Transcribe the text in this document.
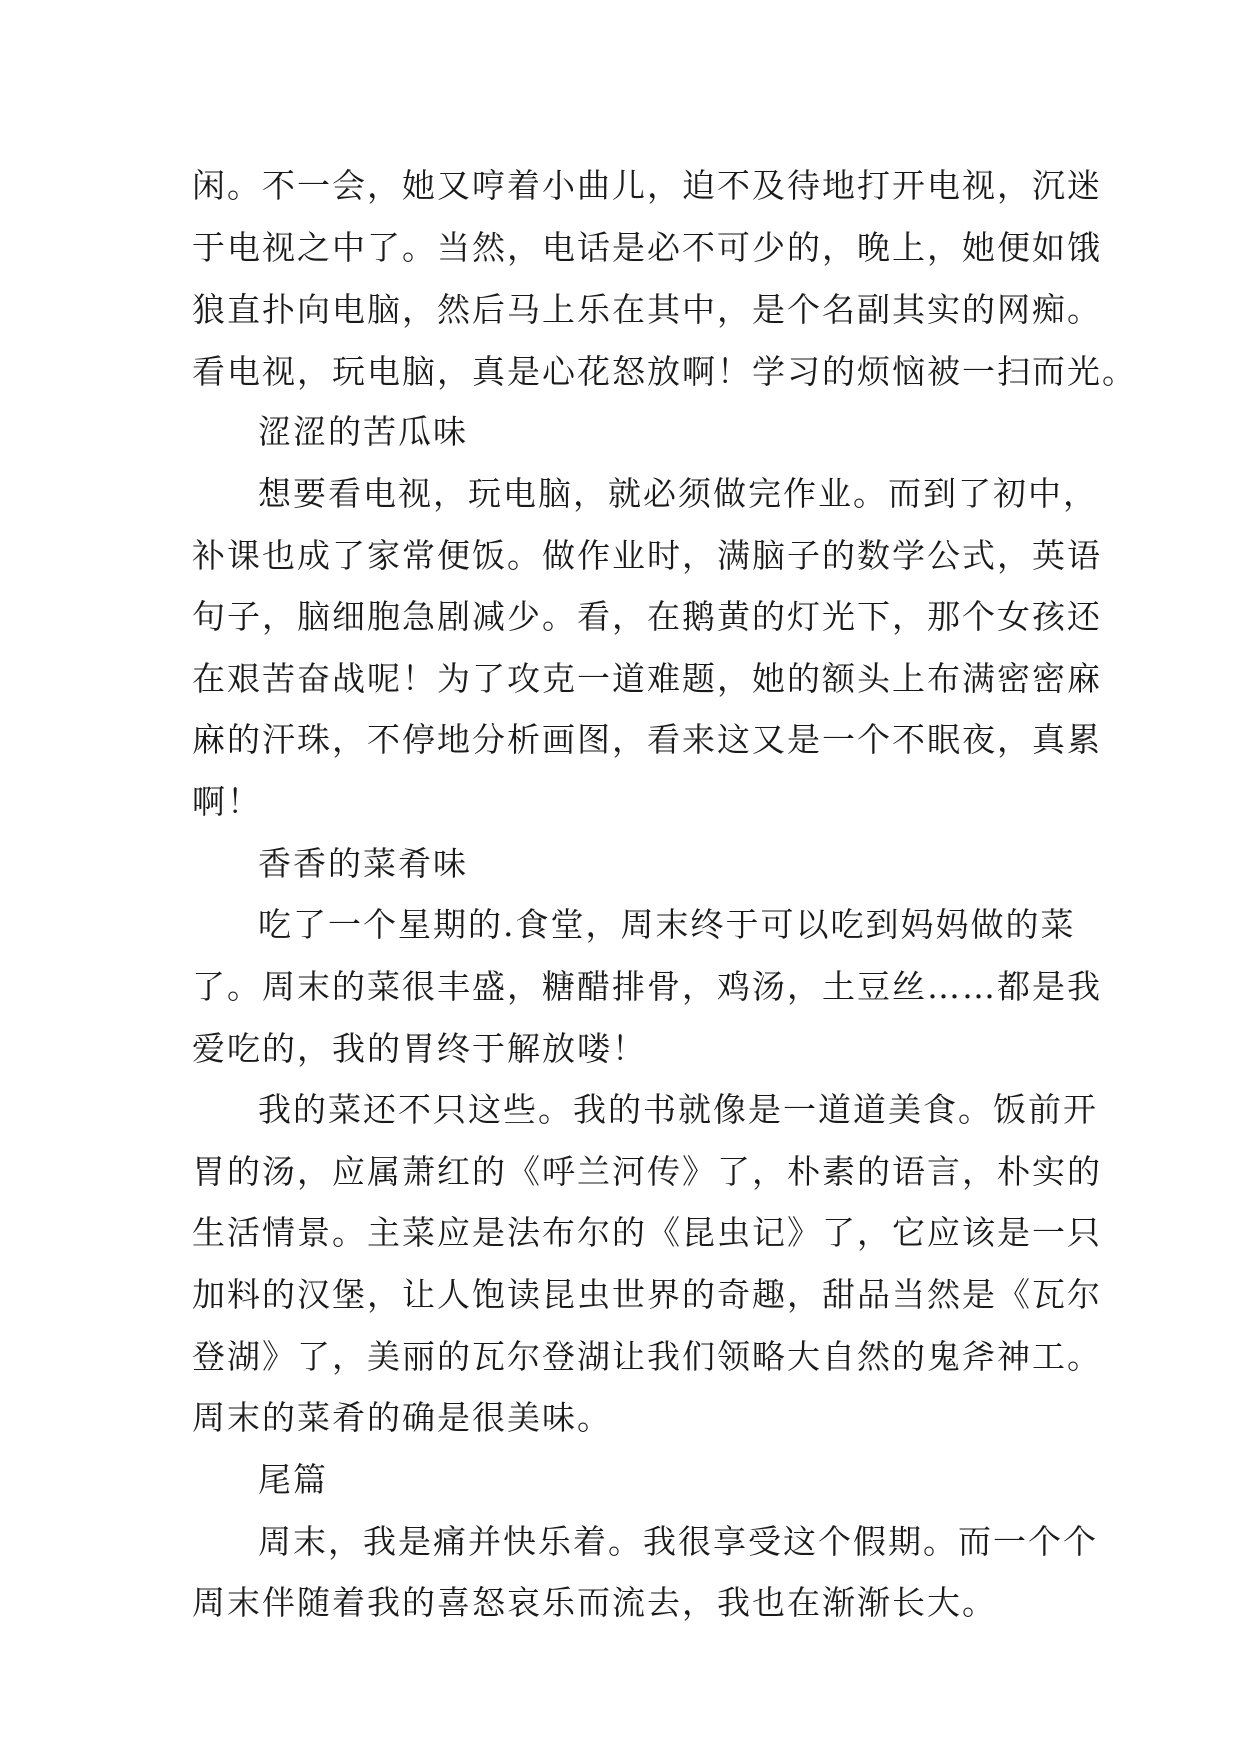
闲。不一会，她又哼着小曲儿，迫不及待地打开电视，沉迷
于电视之中了。当然，电话是必不可少的，晚上，她便如饿
狼直扑向电脑，然后马上乐在其中，是个名副其实的网痴。
看电视，玩电脑，真是心花怒放啊！学习的烦恼被一扫而光。
涩涩的苦瓜味
想要看电视，玩电脑，就必须做完作业。而到了初中，
补课也成了家常便饭。做作业时，满脑子的数学公式，英语
句子，脑细胞急剧减少。看，在鹅黄的灯光下，那个女孩还
在艰苦奋战呢！为了攻克一道难题，她的额头上布满密密麻
麻的汗珠，不停地分析画图，看来这又是一个不眠夜，真累
啊！
香香的菜肴味
吃了一个星期的.食堂，周末终于可以吃到妈妈做的菜
了。周末的菜很丰盛，糖醋排骨，鸡汤，土豆丝……都是我
爱吃的，我的胃终于解放喽！
我的菜还不只这些。我的书就像是一道道美食。饭前开
胃的汤，应属萧红的《呼兰河传》了，朴素的语言，朴实的
生活情景。主菜应是法布尔的《昆虫记》了，它应该是一只
加料的汉堡，让人饱读昆虫世界的奇趣，甜品当然是《瓦尔
登湖》了，美丽的瓦尔登湖让我们领略大自然的鬼斧神工。
周末的菜肴的确是很美味。
尾篇
周末，我是痛并快乐着。我很享受这个假期。而一个个
周末伴随着我的喜怒哀乐而流去，我也在渐渐长大。
